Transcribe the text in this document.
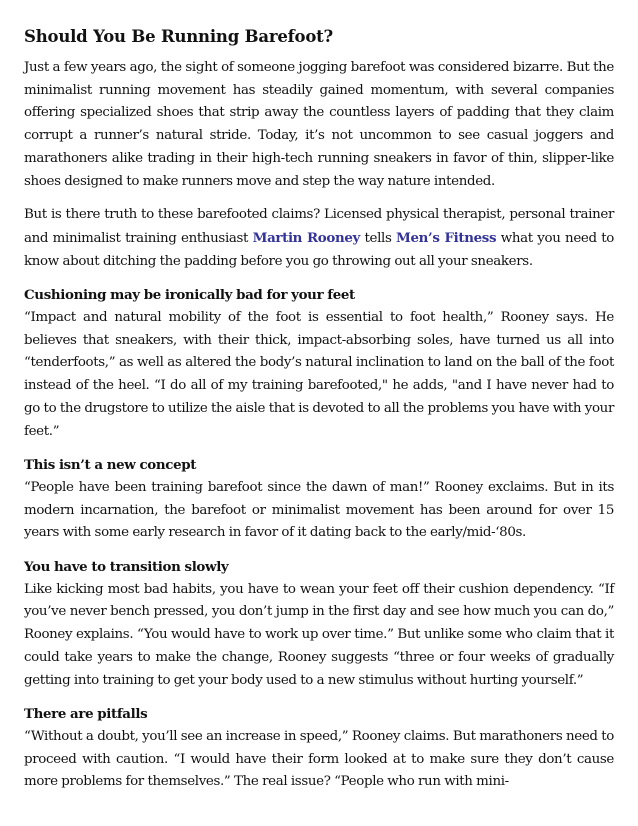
Should You Be Running Barefoot?

Just a few years ago, the sight of someone jogging barefoot was considered bizarre. But the minimalist running movement has steadily gained momentum, with several companies offering specialized shoes that strip away the countless layers of padding that they claim corrupt a runner’s natural stride. Today, it’s not uncommon to see casual joggers and marathoners alike trading in their high-tech running sneakers in favor of thin, slipper-like shoes designed to make runners move and step the way nature intended.

But is there truth to these barefooted claims? Licensed physical therapist, personal trainer and minimalist training enthusiast Martin Rooney tells Men’s Fitness what you need to know about ditching the padding before you go throwing out all your sneakers.

Cushioning may be ironically bad for your feet
“Impact and natural mobility of the foot is essential to foot health,” Rooney says. He believes that sneakers, with their thick, impact-absorbing soles, have turned us all into “tenderfoots,” as well as altered the body’s natural inclination to land on the ball of the foot instead of the heel. “I do all of my training barefooted," he adds, "and I have never had to go to the drugstore to utilize the aisle that is devoted to all the problems you have with your feet.”

This isn’t a new concept
“People have been training barefoot since the dawn of man!” Rooney exclaims. But in its modern incarnation, the barefoot or minimalist movement has been around for over 15 years with some early research in favor of it dating back to the early/mid-‘80s.

You have to transition slowly
Like kicking most bad habits, you have to wean your feet off their cushion dependency. “If you’ve never bench pressed, you don’t jump in the first day and see how much you can do,” Rooney explains. “You would have to work up over time.” But unlike some who claim that it could take years to make the change, Rooney suggests “three or four weeks of gradually getting into training to get your body used to a new stimulus without hurting yourself.”

There are pitfalls
“Without a doubt, you’ll see an increase in speed,” Rooney claims. But marathoners need to proceed with caution. “I would have their form looked at to make sure they don’t cause more problems for themselves.” The real issue? “People who run with mini-
